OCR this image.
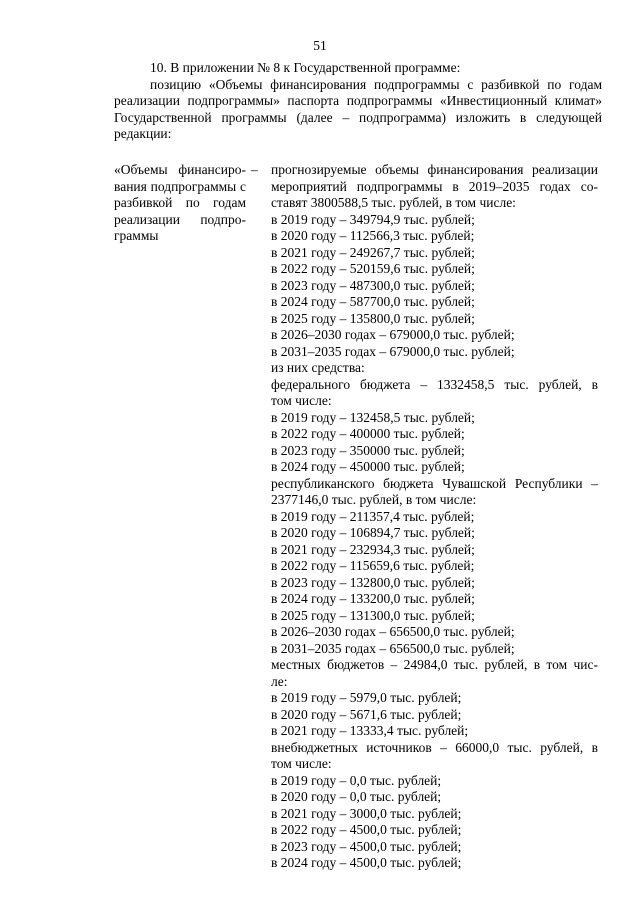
51

10. В приложении № 8 к Государственной программе:

позицию «Объемы финансирования подпрограммы с разбивкой по годам реализации подпрограммы» паспорта подпрограммы «Инвестиционный климат» Государственной программы (далее – подпрограмма) изложить в следующей редакции:

«Объемы финансиро-
вания подпрограммы с
разбивкой по годам
реализации подпро-
граммы
– прогнозируемые объемы финансирования реализации
мероприятий подпрограммы в 2019–2035 годах со-
ставят 3800588,5 тыс. рублей, в том числе:
в 2019 году – 349794,9 тыс. рублей;
в 2020 году – 112566,3 тыс. рублей;
в 2021 году – 249267,7 тыс. рублей;
в 2022 году – 520159,6 тыс. рублей;
в 2023 году – 487300,0 тыс. рублей;
в 2024 году – 587700,0 тыс. рублей;
в 2025 году – 135800,0 тыс. рублей;
в 2026–2030 годах – 679000,0 тыс. рублей;
в 2031–2035 годах – 679000,0 тыс. рублей;
из них средства:
федерального бюджета – 1332458,5 тыс. рублей, в
том числе:
в 2019 году – 132458,5 тыс. рублей;
в 2022 году – 400000 тыс. рублей;
в 2023 году – 350000 тыс. рублей;
в 2024 году – 450000 тыс. рублей;
республиканского бюджета Чувашской Республики –
2377146,0 тыс. рублей, в том числе:
в 2019 году – 211357,4 тыс. рублей;
в 2020 году – 106894,7 тыс. рублей;
в 2021 году – 232934,3 тыс. рублей;
в 2022 году – 115659,6 тыс. рублей;
в 2023 году – 132800,0 тыс. рублей;
в 2024 году – 133200,0 тыс. рублей;
в 2025 году – 131300,0 тыс. рублей;
в 2026–2030 годах – 656500,0 тыс. рублей;
в 2031–2035 годах – 656500,0 тыс. рублей;
местных бюджетов – 24984,0 тыс. рублей, в том чис-
ле:
в 2019 году – 5979,0 тыс. рублей;
в 2020 году – 5671,6 тыс. рублей;
в 2021 году – 13333,4 тыс. рублей;
внебюджетных источников – 66000,0 тыс. рублей, в
том числе:
в 2019 году – 0,0 тыс. рублей;
в 2020 году – 0,0 тыс. рублей;
в 2021 году – 3000,0 тыс. рублей;
в 2022 году – 4500,0 тыс. рублей;
в 2023 году – 4500,0 тыс. рублей;
в 2024 году – 4500,0 тыс. рублей;
